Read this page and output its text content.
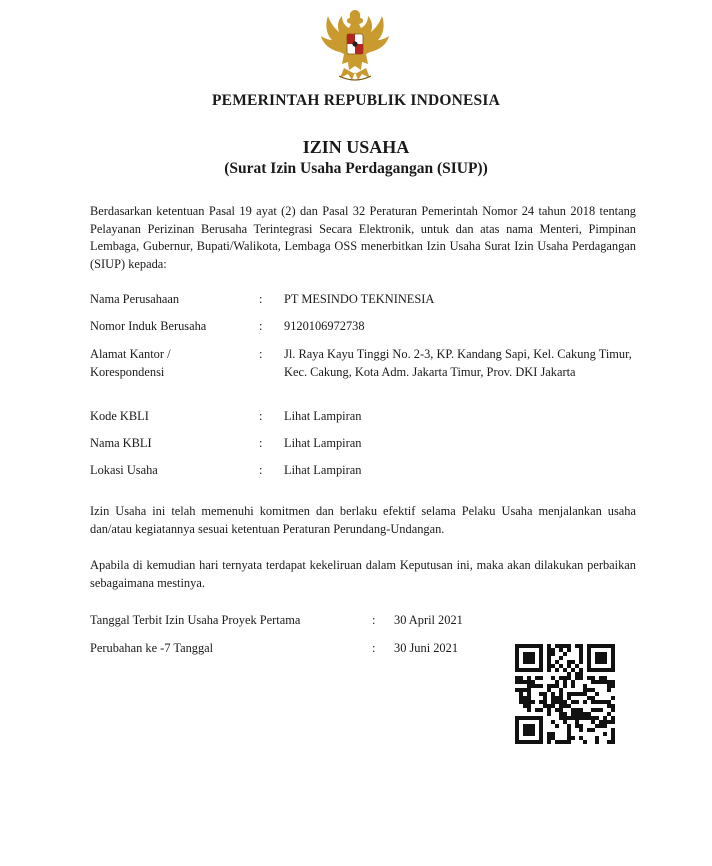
PEMERINTAH REPUBLIK INDONESIA
IZIN USAHA
(Surat Izin Usaha Perdagangan (SIUP))
Berdasarkan ketentuan Pasal 19 ayat (2) dan Pasal 32 Peraturan Pemerintah Nomor 24 tahun 2018 tentang Pelayanan Perizinan Berusaha Terintegrasi Secara Elektronik, untuk dan atas nama Menteri, Pimpinan Lembaga, Gubernur, Bupati/Walikota, Lembaga OSS menerbitkan Izin Usaha Surat Izin Usaha Perdagangan (SIUP) kepada:
Nama Perusahaan	: PT MESINDO TEKNINESIA
Nomor Induk Berusaha	: 9120106972738
Alamat Kantor / Korespondensi
: Jl. Raya Kayu Tinggi No. 2-3, KP. Kandang Sapi, Kel. Cakung Timur, Kec. Cakung, Kota Adm. Jakarta Timur, Prov. DKI Jakarta
Kode KBLI	: Lihat Lampiran
Nama KBLI	: Lihat Lampiran
Lokasi Usaha	: Lihat Lampiran
Izin Usaha ini telah memenuhi komitmen dan berlaku efektif selama Pelaku Usaha menjalankan usaha dan/atau kegiatannya sesuai ketentuan Peraturan Perundang-Undangan.
Apabila di kemudian hari ternyata terdapat kekeliruan dalam Keputusan ini, maka akan dilakukan perbaikan sebagaimana mestinya.
Tanggal Terbit Izin Usaha Proyek Pertama	: 30 April 2021
Perubahan ke -7 Tanggal	: 30 Juni 2021
